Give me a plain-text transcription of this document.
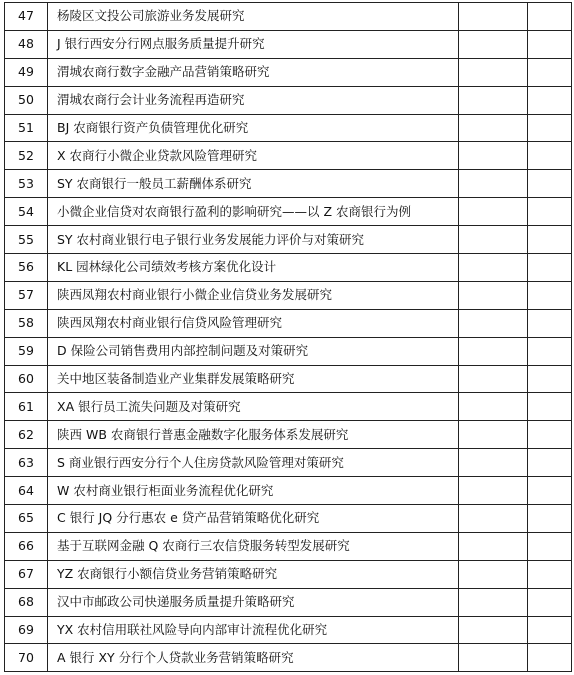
47	杨陵区文投公司旅游业务发展研究		
48	J 银行西安分行网点服务质量提升研究		
49	渭城农商行数字金融产品营销策略研究		
50	渭城农商行会计业务流程再造研究		
51	BJ 农商银行资产负债管理优化研究		
52	X 农商行小微企业贷款风险管理研究		
53	SY 农商银行一般员工薪酬体系研究		
54	小微企业信贷对农商银行盈利的影响研究——以 Z 农商银行为例		
55	SY 农村商业银行电子银行业务发展能力评价与对策研究		
56	KL 园林绿化公司绩效考核方案优化设计		
57	陕西凤翔农村商业银行小微企业信贷业务发展研究		
58	陕西凤翔农村商业银行信贷风险管理研究		
59	D 保险公司销售费用内部控制问题及对策研究		
60	关中地区装备制造业产业集群发展策略研究		
61	XA 银行员工流失问题及对策研究		
62	陕西 WB 农商银行普惠金融数字化服务体系发展研究		
63	S 商业银行西安分行个人住房贷款风险管理对策研究		
64	W 农村商业银行柜面业务流程优化研究		
65	C 银行 JQ 分行惠农 e 贷产品营销策略优化研究		
66	基于互联网金融 Q 农商行三农信贷服务转型发展研究		
67	YZ 农商银行小额信贷业务营销策略研究		
68	汉中市邮政公司快递服务质量提升策略研究		
69	YX 农村信用联社风险导向内部审计流程优化研究		
70	A 银行 XY 分行个人贷款业务营销策略研究		
